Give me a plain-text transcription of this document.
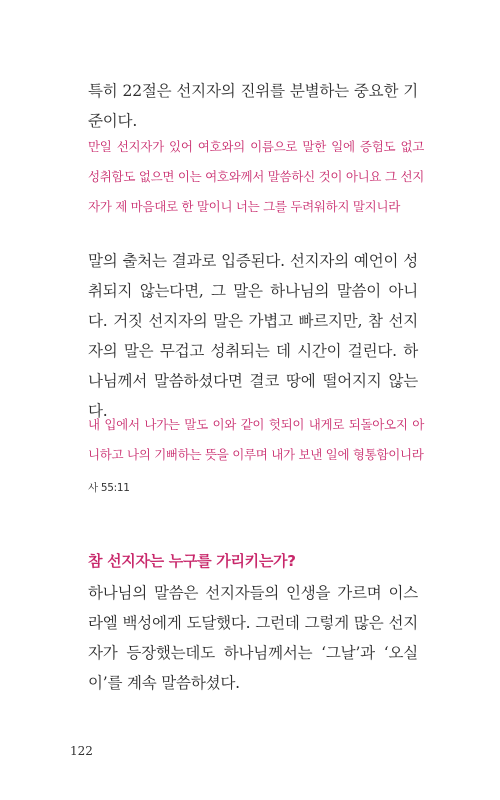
특히 22절은 선지자의 진위를 분별하는 중요한 기준이다.

만일 선지자가 있어 여호와의 이름으로 말한 일에 증험도 없고 성취함도 없으면 이는 여호와께서 말씀하신 것이 아니요 그 선지자가 제 마음대로 한 말이니 너는 그를 두려워하지 말지니라

말의 출처는 결과로 입증된다. 선지자의 예언이 성취되지 않는다면, 그 말은 하나님의 말씀이 아니다. 거짓 선지자의 말은 가볍고 빠르지만, 참 선지자의 말은 무겁고 성취되는 데 시간이 걸린다. 하나님께서 말씀하셨다면 결코 땅에 떨어지지 않는다.

내 입에서 나가는 말도 이와 같이 헛되이 내게로 되돌아오지 아니하고 나의 기뻐하는 뜻을 이루며 내가 보낸 일에 형통함이니라

사 55:11
참 선지자는 누구를 가리키는가?

하나님의 말씀은 선지자들의 인생을 가르며 이스라엘 백성에게 도달했다. 그런데 그렇게 많은 선지자가 등장했는데도 하나님께서는 ‘그날’과 ‘오실 이’를 계속 말씀하셨다.

122
